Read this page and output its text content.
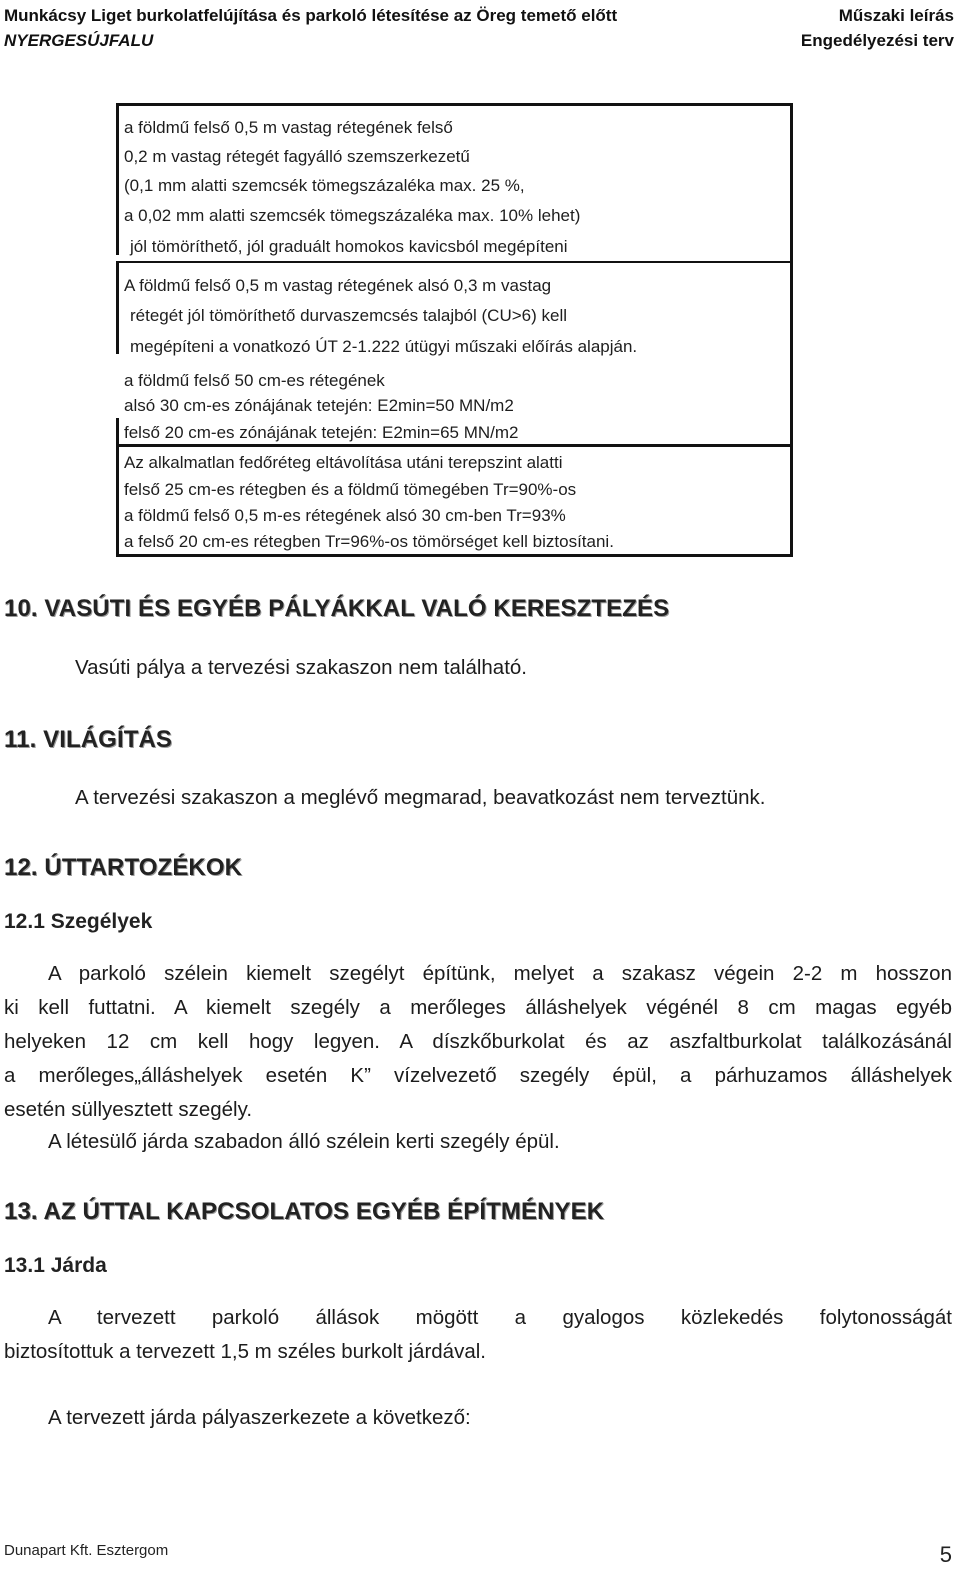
Munkácsy Liget burkolatfelújítása és parkoló létesítése az Öreg temető előtt
NYERGESÚJFALU
Műszaki leírás
Engedélyezési terv
a földmű felső 0,5 m vastag rétegének felső
0,2 m vastag rétegét fagyálló szemszerkezetű
(0,1 mm alatti szemcsék tömegszázaléka max. 25 %,
a 0,02 mm alatti szemcsék tömegszázaléka max. 10% lehet)
jól tömöríthető, jól graduált homokos kavicsból megépíteni
A földmű felső 0,5 m vastag rétegének alsó 0,3 m vastag
rétegét jól tömöríthető durvaszemcsés talajból (CU>6) kell
megépíteni a vonatkozó ÚT 2-1.222 útügyi műszaki előírás alapján.
a földmű felső 50 cm-es rétegének
alsó 30 cm-es zónájának tetején: E2min=50 MN/m2
felső 20 cm-es zónájának tetején: E2min=65 MN/m2
Az alkalmatlan fedőréteg eltávolítása utáni terepszint alatti
felső 25 cm-es rétegben és a földmű tömegében Tr=90%-os
a földmű felső 0,5 m-es rétegének alsó 30 cm-ben Tr=93%
a felső 20 cm-es rétegben Tr=96%-os tömörséget kell biztosítani.
10. VASÚTI ÉS EGYÉB PÁLYÁKKAL VALÓ KERESZTEZÉS
Vasúti pálya a tervezési szakaszon nem található.
11. VILÁGÍTÁS
A tervezési szakaszon a meglévő megmarad, beavatkozást nem terveztünk.
12. ÚTTARTOZÉKOK
12.1 Szegélyek
A parkoló szélein kiemelt szegélyt építünk, melyet a szakasz végein 2-2 m hosszon
ki kell futtatni. A kiemelt szegély a merőleges álláshelyek végénél 8 cm magas egyéb
helyeken 12 cm kell hogy legyen. A díszkőburkolat és az aszfaltburkolat találkozásánál
a merőleges„álláshelyek esetén K” vízelvezető szegély épül, a párhuzamos álláshelyek
esetén süllyesztett szegély.
A létesülő járda szabadon álló szélein kerti szegély épül.
13. AZ ÚTTAL KAPCSOLATOS EGYÉB ÉPÍTMÉNYEK
13.1 Járda
A tervezett parkoló állások mögött a gyalogos közlekedés folytonosságát
biztosítottuk a tervezett 1,5 m széles burkolt járdával.
A tervezett járda pályaszerkezete a következő:
Dunapart Kft. Esztergom	5
